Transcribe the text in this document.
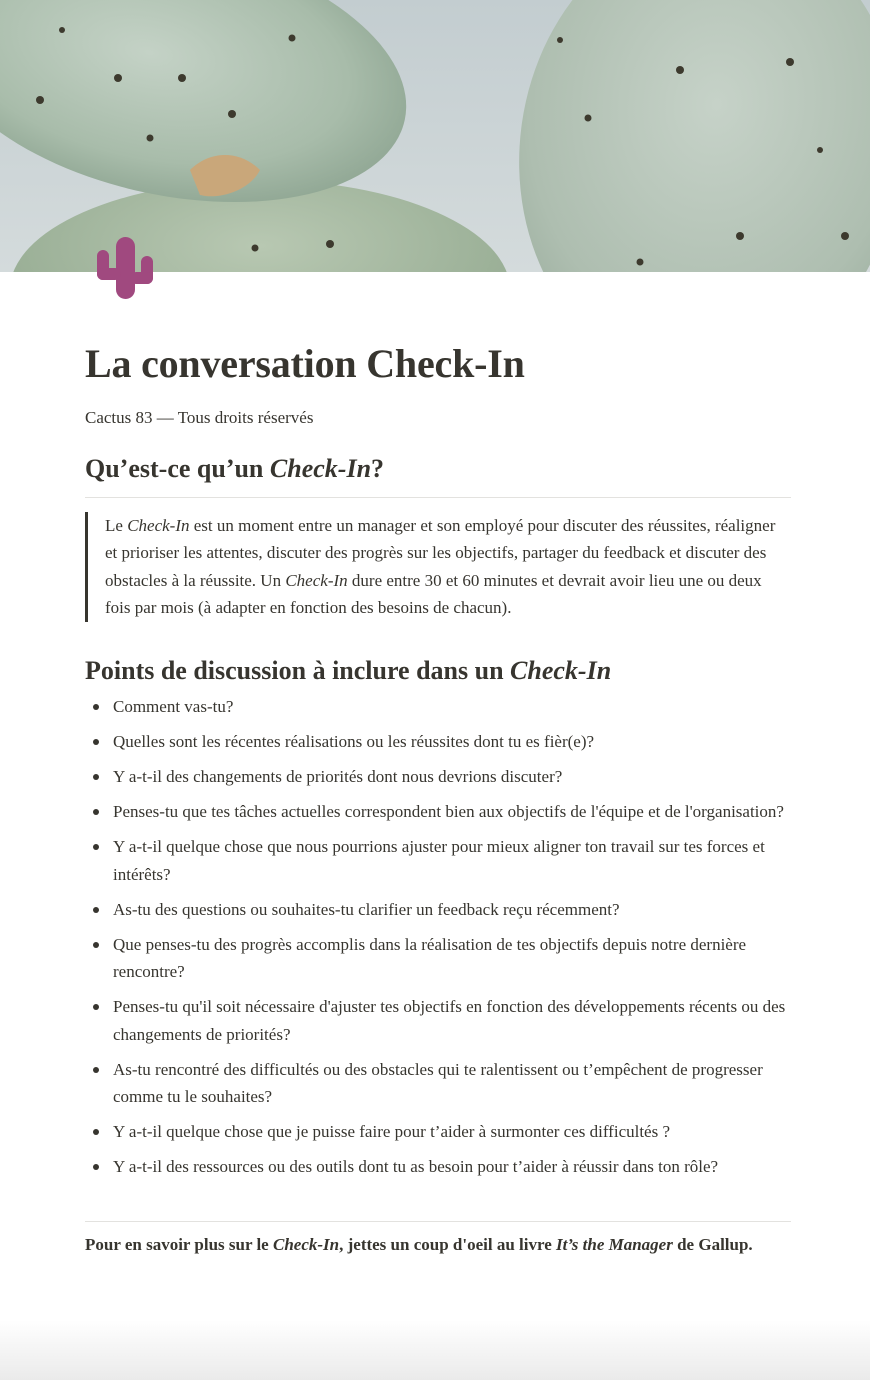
La conversation Check-In
Cactus 83 — Tous droits réservés
Qu’est-ce qu’un Check-In?
Le Check-In est un moment entre un manager et son employé pour discuter des réussites, réaligner et prioriser les attentes, discuter des progrès sur les objectifs, partager du feedback et discuter des obstacles à la réussite. Un Check-In dure entre 30 et 60 minutes et devrait avoir lieu une ou deux fois par mois (à adapter en fonction des besoins de chacun).
Points de discussion à inclure dans un Check-In
Comment vas-tu?
Quelles sont les récentes réalisations ou les réussites dont tu es fièr(e)?
Y a-t-il des changements de priorités dont nous devrions discuter?
Penses-tu que tes tâches actuelles correspondent bien aux objectifs de l'équipe et de l'organisation?
Y a-t-il quelque chose que nous pourrions ajuster pour mieux aligner ton travail sur tes forces et intérêts?
As-tu des questions ou souhaites-tu clarifier un feedback reçu récemment?
Que penses-tu des progrès accomplis dans la réalisation de tes objectifs depuis notre dernière rencontre?
Penses-tu qu'il soit nécessaire d'ajuster tes objectifs en fonction des développements récents ou des changements de priorités?
As-tu rencontré des difficultés ou des obstacles qui te ralentissent ou t’empêchent de progresser comme tu le souhaites?
Y a-t-il quelque chose que je puisse faire pour t’aider à surmonter ces difficultés ?
Y a-t-il des ressources ou des outils dont tu as besoin pour t’aider à réussir dans ton rôle?
Pour en savoir plus sur le Check-In, jettes un coup d'oeil au livre It’s the Manager de Gallup.
